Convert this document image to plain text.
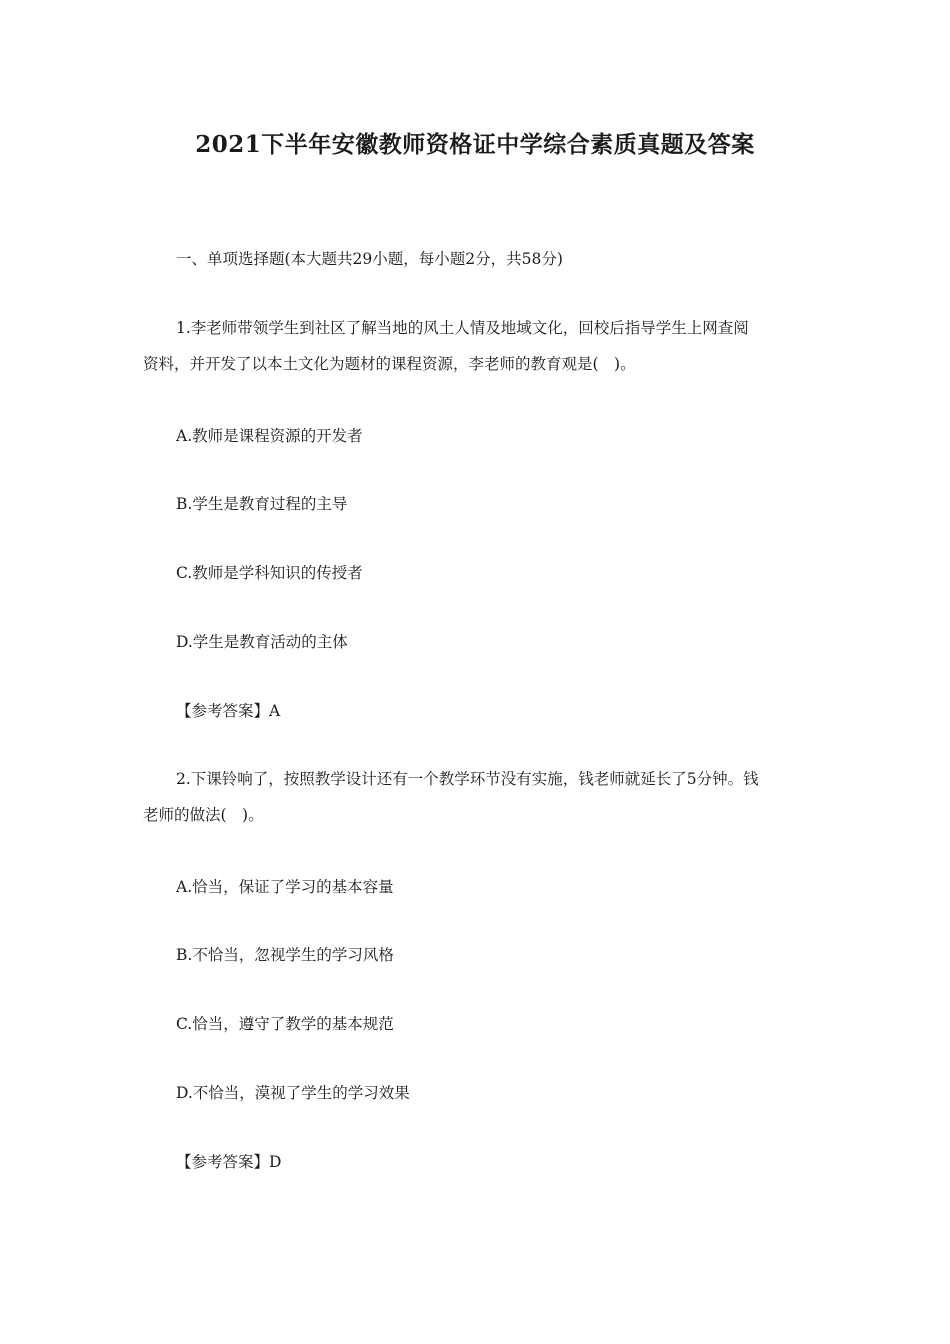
2021下半年安徽教师资格证中学综合素质真题及答案
一、单项选择题(本大题共29小题，每小题2分，共58分)
1.李老师带领学生到社区了解当地的风土人情及地域文化，回校后指导学生上网查阅
资料，并开发了以本土文化为题材的课程资源，李老师的教育观是(　)。
A.教师是课程资源的开发者
B.学生是教育过程的主导
C.教师是学科知识的传授者
D.学生是教育活动的主体
【参考答案】A
2.下课铃响了，按照教学设计还有一个教学环节没有实施，钱老师就延长了5分钟。钱
老师的做法(　)。
A.恰当，保证了学习的基本容量
B.不恰当，忽视学生的学习风格
C.恰当，遵守了教学的基本规范
D.不恰当，漠视了学生的学习效果
【参考答案】D
